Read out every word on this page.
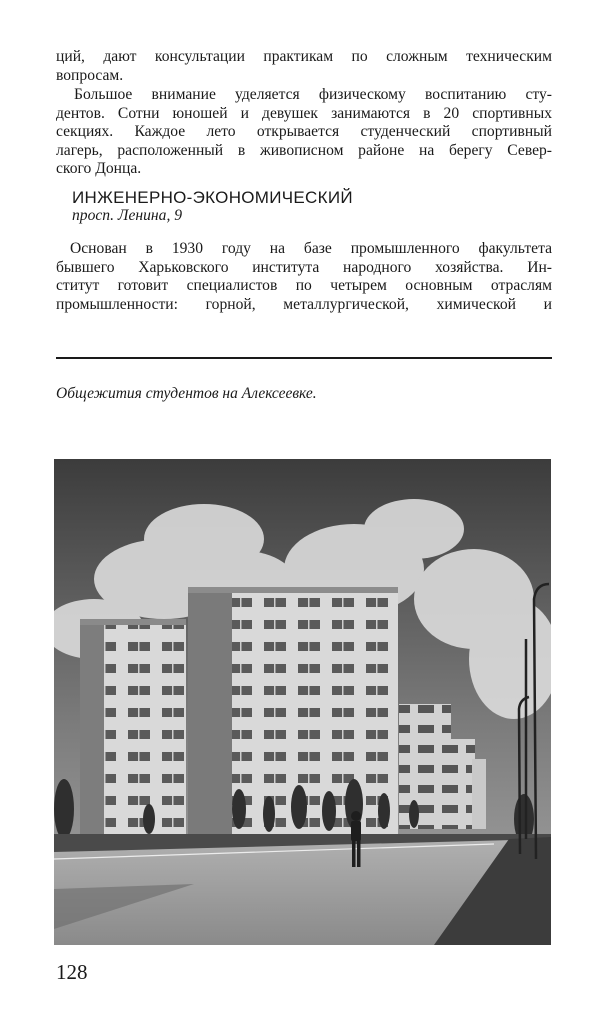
ций, дают консультации практикам по сложным техническим
вопросам.
Большое внимание уделяется физическому воспитанию сту-
дентов. Сотни юношей и девушек занимаются в 20 спортивных
секциях. Каждое лето открывается студенческий спортивный
лагерь, расположенный в живописном районе на берегу Север-
ского Донца.
ИНЖЕНЕРНО-ЭКОНОМИЧЕСКИЙ

просп. Ленина, 9

Основан в 1930 году на базе промышленного факультета
бывшего Харьковского института народного хозяйства. Ин-
ститут готовит специалистов по четырем основным отраслям
промышленности: горной, металлургической, химической и

Общежития студентов на Алексеевке.

128
